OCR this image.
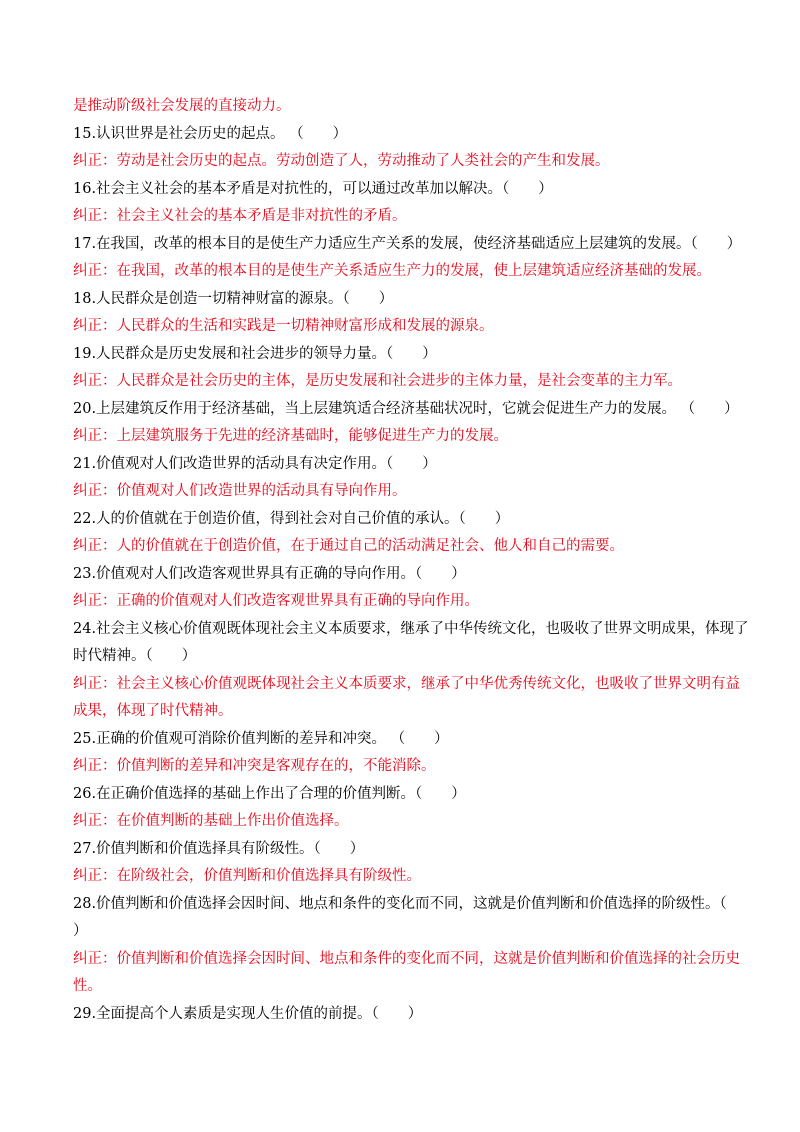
是推动阶级社会发展的直接动力。
15.认识世界是社会历史的起点。 （　　）
纠正：劳动是社会历史的起点。劳动创造了人，劳动推动了人类社会的产生和发展。
16.社会主义社会的基本矛盾是对抗性的，可以通过改革加以解决。（　　）
纠正：社会主义社会的基本矛盾是非对抗性的矛盾。
17.在我国，改革的根本目的是使生产力适应生产关系的发展，使经济基础适应上层建筑的发展。（　　）
纠正：在我国，改革的根本目的是使生产关系适应生产力的发展，使上层建筑适应经济基础的发展。
18.人民群众是创造一切精神财富的源泉。（　　）
纠正：人民群众的生活和实践是一切精神财富形成和发展的源泉。
19.人民群众是历史发展和社会进步的领导力量。（　　）
纠正：人民群众是社会历史的主体，是历史发展和社会进步的主体力量，是社会变革的主力军。
20.上层建筑反作用于经济基础，当上层建筑适合经济基础状况时，它就会促进生产力的发展。 （　　）
纠正：上层建筑服务于先进的经济基础时，能够促进生产力的发展。
21.价值观对人们改造世界的活动具有决定作用。（　　）
纠正：价值观对人们改造世界的活动具有导向作用。
22.人的价值就在于创造价值，得到社会对自己价值的承认。（　　）
纠正：人的价值就在于创造价值，在于通过自己的活动满足社会、他人和自己的需要。
23.价值观对人们改造客观世界具有正确的导向作用。（　　）
纠正：正确的价值观对人们改造客观世界具有正确的导向作用。
24.社会主义核心价值观既体现社会主义本质要求，继承了中华传统文化，也吸收了世界文明成果，体现了
时代精神。（　　）
纠正：社会主义核心价值观既体现社会主义本质要求，继承了中华优秀传统文化，也吸收了世界文明有益
成果，体现了时代精神。
25.正确的价值观可消除价值判断的差异和冲突。 （　　）
纠正：价值判断的差异和冲突是客观存在的，不能消除。
26.在正确价值选择的基础上作出了合理的价值判断。（　　）
纠正：在价值判断的基础上作出价值选择。
27.价值判断和价值选择具有阶级性。（　　）
纠正：在阶级社会，价值判断和价值选择具有阶级性。
28.价值判断和价值选择会因时间、地点和条件的变化而不同，这就是价值判断和价值选择的阶级性。（
）
纠正：价值判断和价值选择会因时间、地点和条件的变化而不同，这就是价值判断和价值选择的社会历史
性。
29.全面提高个人素质是实现人生价值的前提。（　　）
